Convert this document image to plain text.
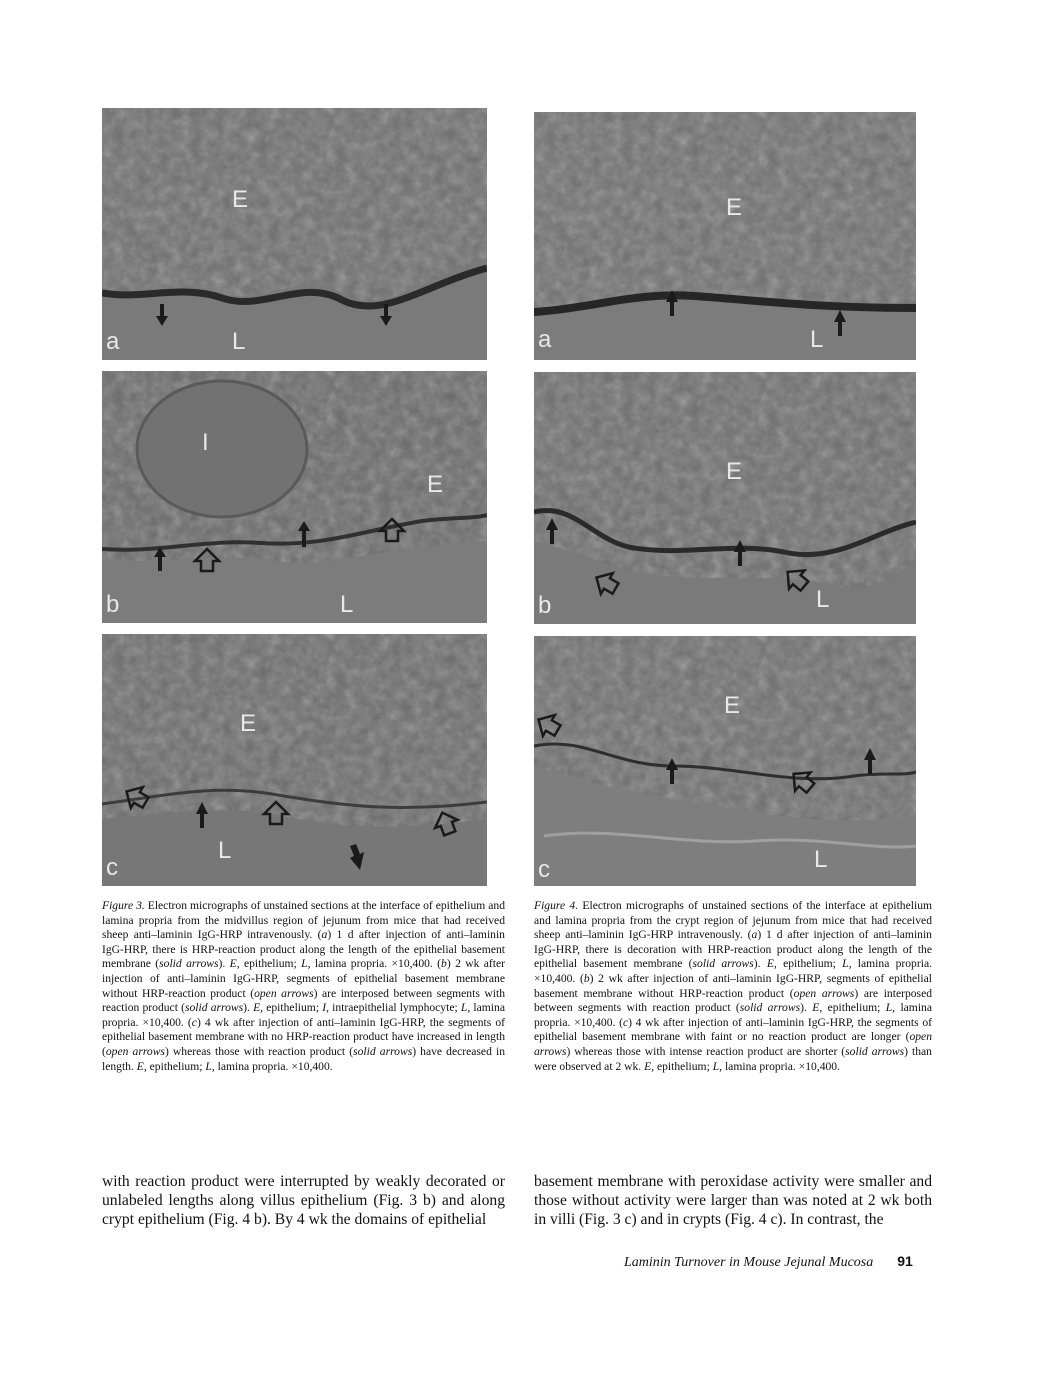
E
L
a
I
E
L
b
E
L
c
E
L
a
E
L
b
E
L
c
Figure 3. Electron micrographs of unstained sections at the interface of epithelium and lamina propria from the midvillus region of jejunum from mice that had received sheep anti–laminin IgG-HRP intravenously. (a) 1 d after injection of anti–laminin IgG-HRP, there is HRP-reaction product along the length of the epithelial basement membrane (solid arrows). E, epithelium; L, lamina propria. ×10,400. (b) 2 wk after injection of anti–laminin IgG-HRP, segments of epithelial basement membrane without HRP-reaction product (open arrows) are interposed between segments with reaction product (solid arrows). E, epithelium; I, intraepithelial lymphocyte; L, lamina propria. ×10,400. (c) 4 wk after injection of anti–laminin IgG-HRP, the segments of epithelial basement membrane with no HRP-reaction product have increased in length (open arrows) whereas those with reaction product (solid arrows) have decreased in length. E, epithelium; L, lamina propria. ×10,400.
Figure 4. Electron micrographs of unstained sections of the interface at epithelium and lamina propria from the crypt region of jejunum from mice that had received sheep anti–laminin IgG-HRP intravenously. (a) 1 d after injection of anti–laminin IgG-HRP, there is decoration with HRP-reaction product along the length of the epithelial basement membrane (solid arrows). E, epithelium; L, lamina propria. ×10,400. (b) 2 wk after injection of anti–laminin IgG-HRP, segments of epithelial basement membrane without HRP-reaction product (open arrows) are interposed between segments with reaction product (solid arrows). E, epithelium; L, lamina propria. ×10,400. (c) 4 wk after injection of anti–laminin IgG-HRP, the segments of epithelial basement membrane with faint or no reaction product are longer (open arrows) whereas those with intense reaction product are shorter (solid arrows) than were observed at 2 wk. E, epithelium; L, lamina propria. ×10,400.
with reaction product were interrupted by weakly decorated or unlabeled lengths along villus epithelium (Fig. 3 b) and along crypt epithelium (Fig. 4 b). By 4 wk the domains of epithelial
basement membrane with peroxidase activity were smaller and those without activity were larger than was noted at 2 wk both in villi (Fig. 3 c) and in crypts (Fig. 4 c). In contrast, the
Laminin Turnover in Mouse Jejunal Mucosa 91
